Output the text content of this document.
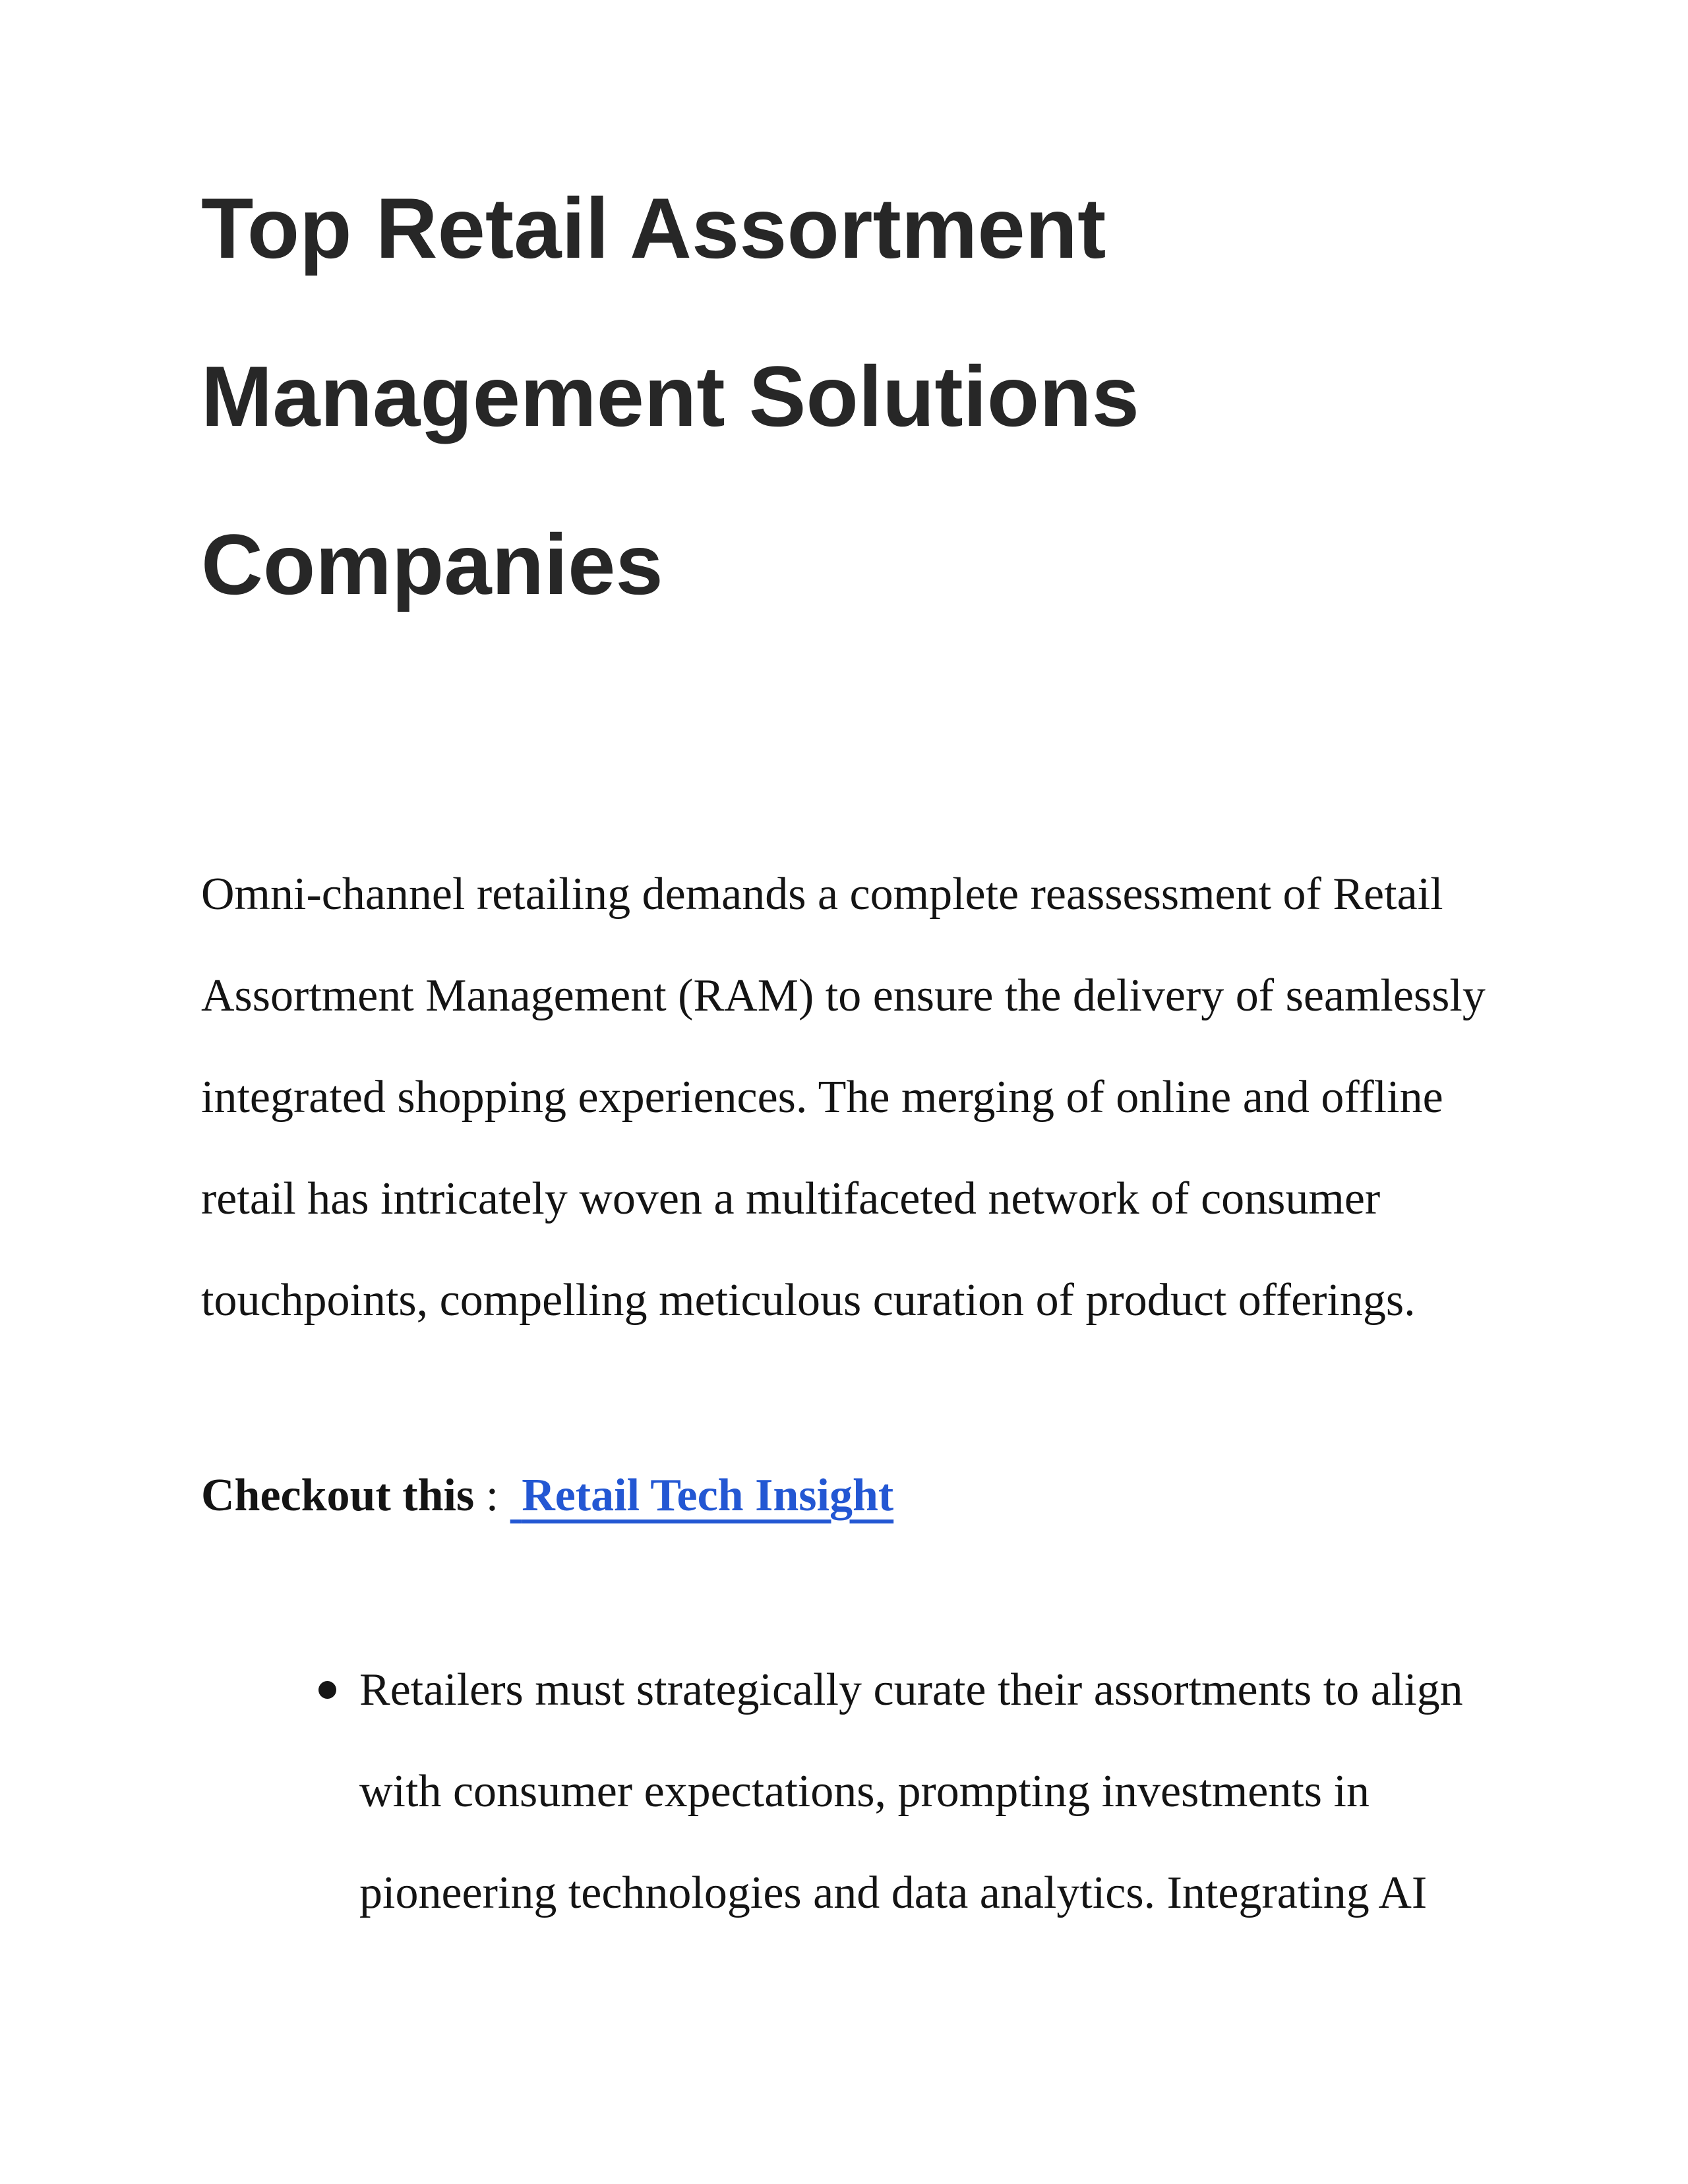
Top Retail Assortment Management Solutions Companies

Omni-channel retailing demands a complete reassessment of Retail Assortment Management (RAM) to ensure the delivery of seamlessly integrated shopping experiences. The merging of online and offline retail has intricately woven a multifaceted network of consumer touchpoints, compelling meticulous curation of product offerings.

Checkout this : Retail Tech Insight

Retailers must strategically curate their assortments to align with consumer expectations, prompting investments in pioneering technologies and data analytics. Integrating AI
